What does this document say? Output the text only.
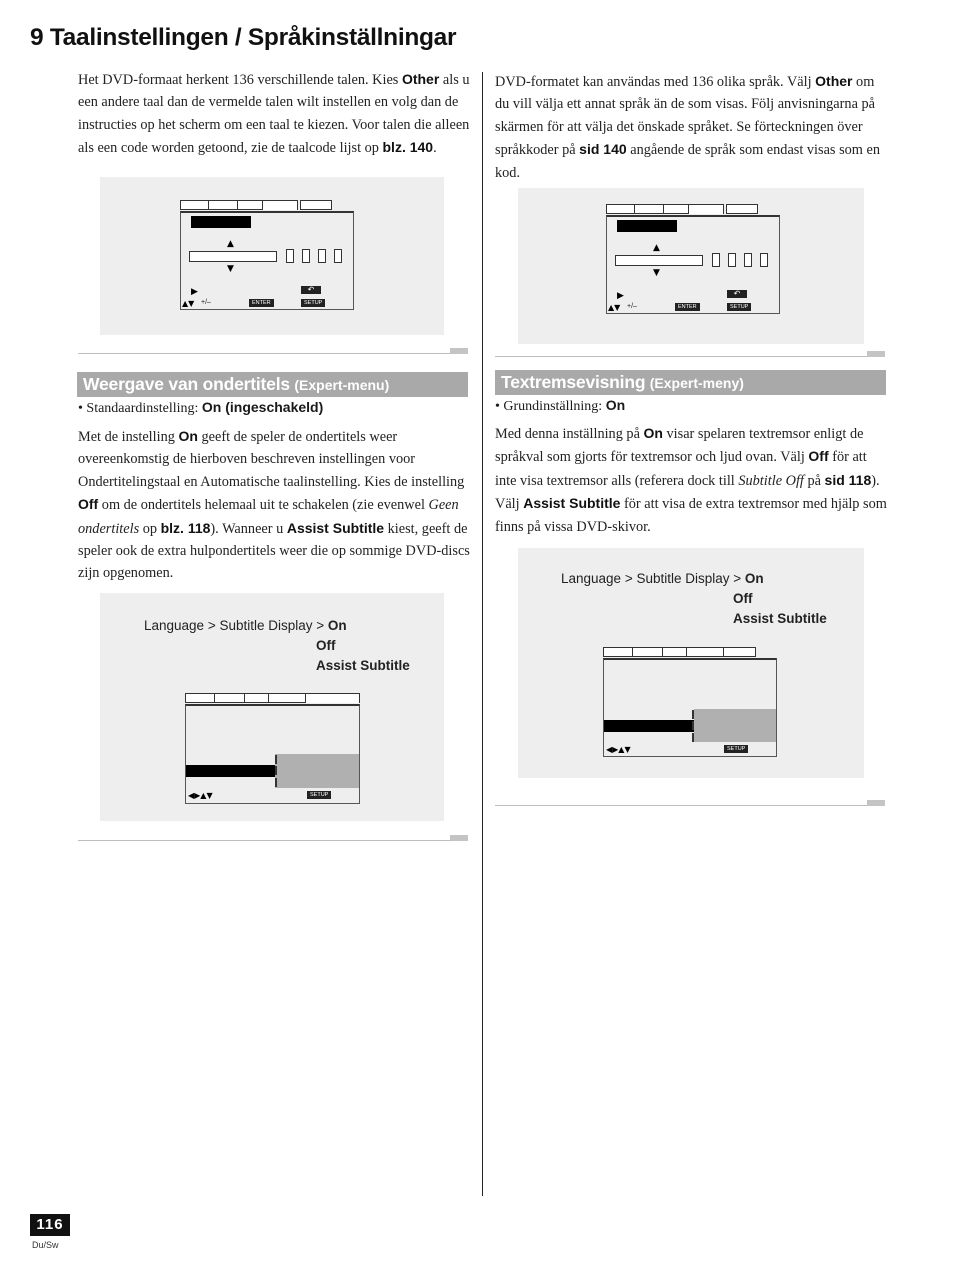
9 Taalinstellingen / Språkinställningar

Het DVD-formaat herkent 136 verschillende talen. Kies Other als u een andere taal dan de vermelde talen wilt instellen en volg dan de instructies op het scherm om een taal te kiezen. Voor talen die alleen als een code worden getoond, zie de taalcode lijst op blz. 140.

▲
▼
▶	↶
▲▼ +/–	ENTER	SETUP
Weergave van ondertitels (Expert-menu)
• Standaardinstelling: On (ingeschakeld)

Met de instelling On geeft de speler de ondertitels weer overeenkomstig de hierboven beschreven instellingen voor Ondertitelingstaal en Automatische taalinstelling. Kies de instelling Off om de ondertitels helemaal uit te schakelen (zie evenwel Geen ondertitels op blz. 118). Wanneer u Assist Subtitle kiest, geeft de speler ook de extra hulpondertitels weer die op sommige DVD-discs zijn opgenomen.

Language > Subtitle Display > On
Off
Assist Subtitle
◀▶▲▼	SETUP

DVD-formatet kan användas med 136 olika språk. Välj Other om du vill välja ett annat språk än de som visas. Följ anvisningarna på skärmen för att välja det önskade språket. Se förteckningen över språkkoder på sid 140 angående de språk som endast visas som en kod.

▲
▼
▶	↶
▲▼ +/–	ENTER	SETUP
Textremsevisning (Expert-meny)
• Grundinställning: On

Med denna inställning på On visar spelaren textremsor enligt de språkval som gjorts för textremsor och ljud ovan. Välj Off för att inte visa textremsor alls (referera dock till Subtitle Off på sid 118). Välj Assist Subtitle för att visa de extra textremsor med hjälp som finns på vissa DVD-skivor.

Language > Subtitle Display > On
Off
Assist Subtitle
◀▶▲▼	SETUP
116
Du/Sw
